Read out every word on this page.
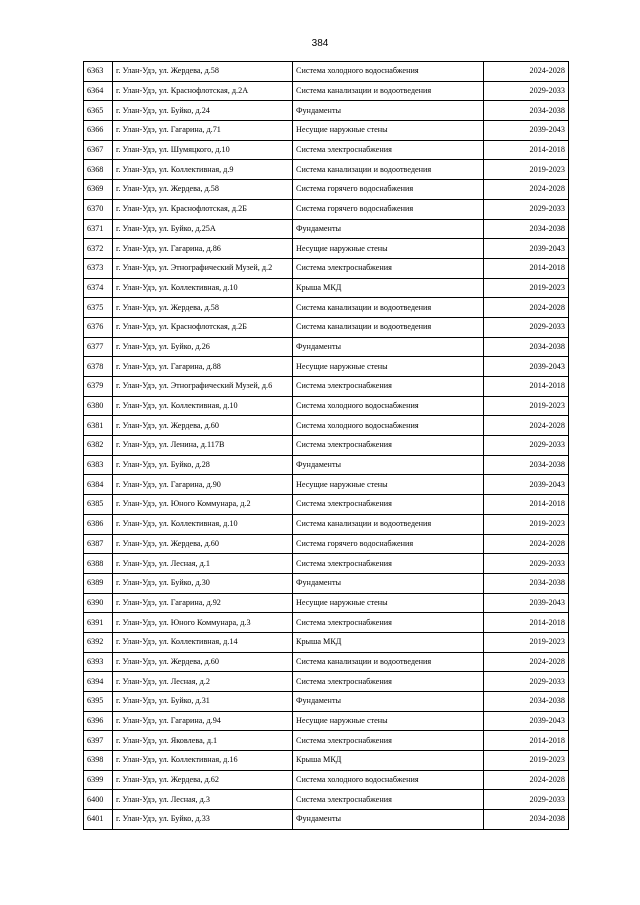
384
6363	г. Улан-Удэ, ул. Жердева, д.58	Система холодного водоснабжения	2024-2028
6364	г. Улан-Удэ, ул. Краснофлотская, д.2А	Система канализации и водоотведения	2029-2033
6365	г. Улан-Удэ, ул. Буйко, д.24	Фундаменты	2034-2038
6366	г. Улан-Удэ, ул. Гагарина, д.71	Несущие наружные стены	2039-2043
6367	г. Улан-Удэ, ул. Шумяцкого, д.10	Система электроснабжения	2014-2018
6368	г. Улан-Удэ, ул. Коллективная, д.9	Система канализации и водоотведения	2019-2023
6369	г. Улан-Удэ, ул. Жердева, д.58	Система горячего водоснабжения	2024-2028
6370	г. Улан-Удэ, ул. Краснофлотская, д.2Б	Система горячего водоснабжения	2029-2033
6371	г. Улан-Удэ, ул. Буйко, д.25А	Фундаменты	2034-2038
6372	г. Улан-Удэ, ул. Гагарина, д.86	Несущие наружные стены	2039-2043
6373	г. Улан-Удэ, ул. Этнографический Музей, д.2	Система электроснабжения	2014-2018
6374	г. Улан-Удэ, ул. Коллективная, д.10	Крыша МКД	2019-2023
6375	г. Улан-Удэ, ул. Жердева, д.58	Система канализации и водоотведения	2024-2028
6376	г. Улан-Удэ, ул. Краснофлотская, д.2Б	Система канализации и водоотведения	2029-2033
6377	г. Улан-Удэ, ул. Буйко, д.26	Фундаменты	2034-2038
6378	г. Улан-Удэ, ул. Гагарина, д.88	Несущие наружные стены	2039-2043
6379	г. Улан-Удэ, ул. Этнографический Музей, д.6	Система электроснабжения	2014-2018
6380	г. Улан-Удэ, ул. Коллективная, д.10	Система холодного водоснабжения	2019-2023
6381	г. Улан-Удэ, ул. Жердева, д.60	Система холодного водоснабжения	2024-2028
6382	г. Улан-Удэ, ул. Ленина, д.117В	Система электроснабжения	2029-2033
6383	г. Улан-Удэ, ул. Буйко, д.28	Фундаменты	2034-2038
6384	г. Улан-Удэ, ул. Гагарина, д.90	Несущие наружные стены	2039-2043
6385	г. Улан-Удэ, ул. Юного Коммунара, д.2	Система электроснабжения	2014-2018
6386	г. Улан-Удэ, ул. Коллективная, д.10	Система канализации и водоотведения	2019-2023
6387	г. Улан-Удэ, ул. Жердева, д.60	Система горячего водоснабжения	2024-2028
6388	г. Улан-Удэ, ул. Лесная, д.1	Система электроснабжения	2029-2033
6389	г. Улан-Удэ, ул. Буйко, д.30	Фундаменты	2034-2038
6390	г. Улан-Удэ, ул. Гагарина, д.92	Несущие наружные стены	2039-2043
6391	г. Улан-Удэ, ул. Юного Коммунара, д.3	Система электроснабжения	2014-2018
6392	г. Улан-Удэ, ул. Коллективная, д.14	Крыша МКД	2019-2023
6393	г. Улан-Удэ, ул. Жердева, д.60	Система канализации и водоотведения	2024-2028
6394	г. Улан-Удэ, ул. Лесная, д.2	Система электроснабжения	2029-2033
6395	г. Улан-Удэ, ул. Буйко, д.31	Фундаменты	2034-2038
6396	г. Улан-Удэ, ул. Гагарина, д.94	Несущие наружные стены	2039-2043
6397	г. Улан-Удэ, ул. Яковлева, д.1	Система электроснабжения	2014-2018
6398	г. Улан-Удэ, ул. Коллективная, д.16	Крыша МКД	2019-2023
6399	г. Улан-Удэ, ул. Жердева, д.62	Система холодного водоснабжения	2024-2028
6400	г. Улан-Удэ, ул. Лесная, д.3	Система электроснабжения	2029-2033
6401	г. Улан-Удэ, ул. Буйко, д.33	Фундаменты	2034-2038
